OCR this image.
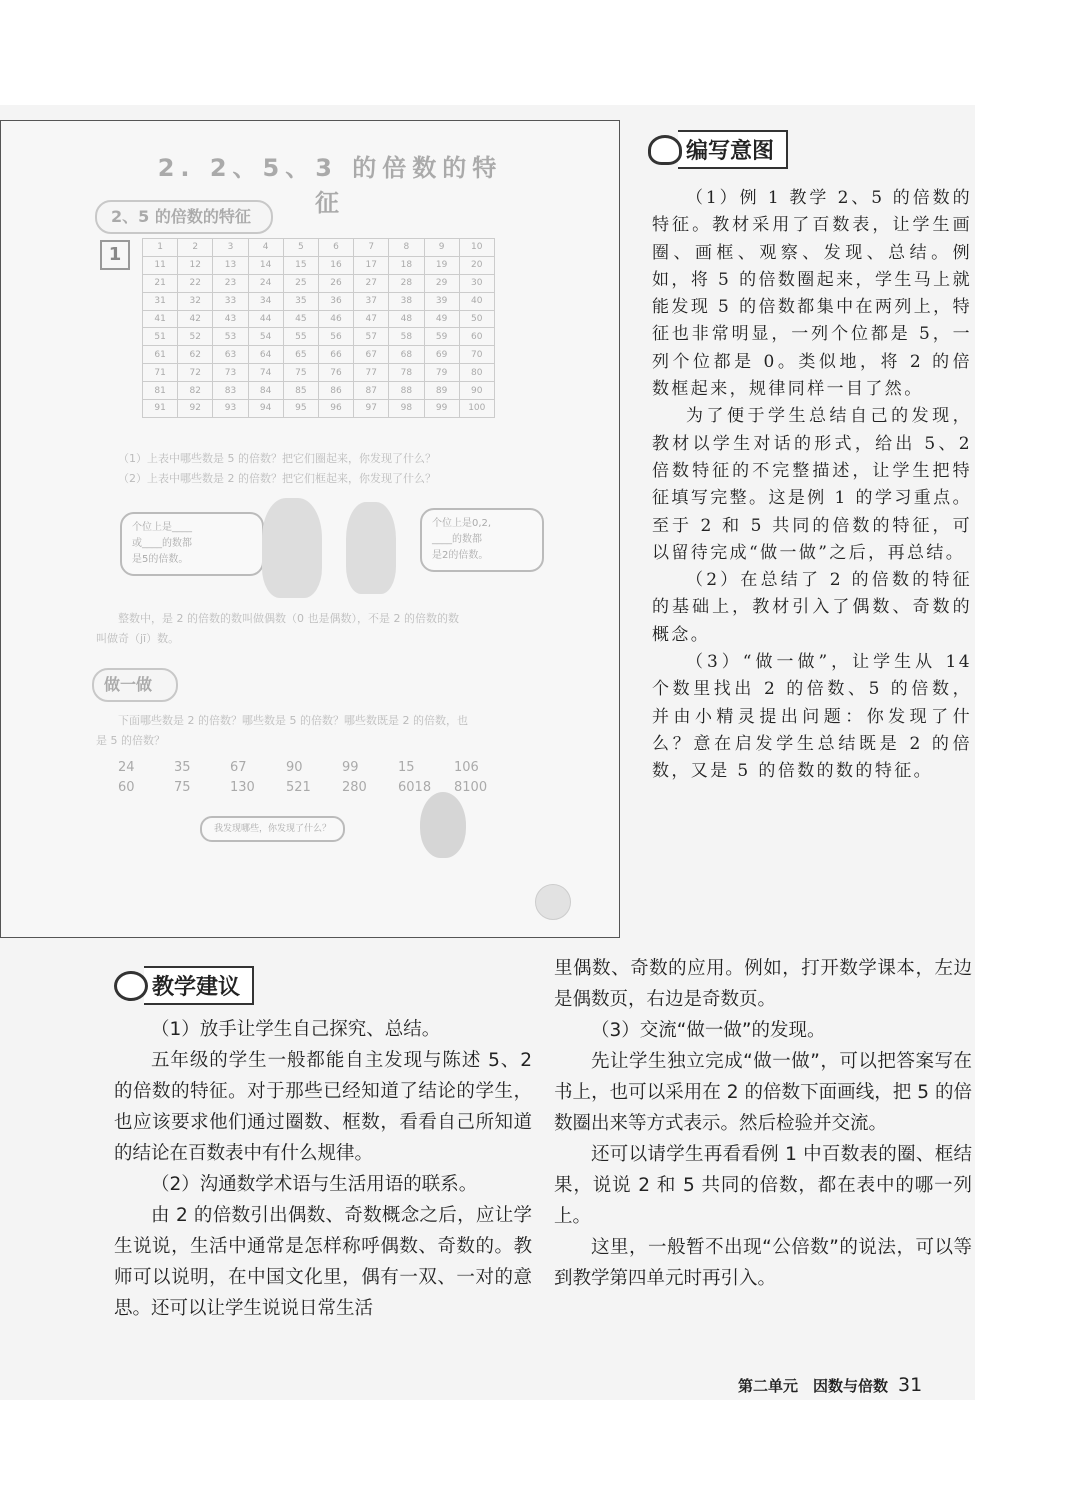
2. 2、5、3 的倍数的特征
2、5 的倍数的特征
1	1	2	3	4	5	6	7	8	9	10
11	12	13	14	15	16	17	18	19	20
21	22	23	24	25	26	27	28	29	30
31	32	33	34	35	36	37	38	39	40
41	42	43	44	45	46	47	48	49	50
51	52	53	54	55	56	57	58	59	60
61	62	63	64	65	66	67	68	69	70
71	72	73	74	75	76	77	78	79	80
81	82	83	84	85	86	87	88	89	90
91	92	93	94	95	96	97	98	99	100
（1）上表中哪些数是 5 的倍数？把它们圈起来，你发现了什么？
（2）上表中哪些数是 2 的倍数？把它们框起来，你发现了什么？
个位上是____
或____的数都
是5的倍数。
个位上是0,2,
____的数都
是2的倍数。
整数中，是 2 的倍数的数叫做偶数（0 也是偶数），不是 2 的倍数的数
叫做奇（jī）数。
做一做
下面哪些数是 2 的倍数？哪些数是 5 的倍数？哪些数既是 2 的倍数，也
是 5 的倍数？
24	35	67	90	99	15	106
60	75	130 521 280 6018 8100
我发现哪些，你发现了什么？
编写意图

（1）例 1 教学 2、5 的倍数的特征。教材采用了百数表，让学生画圈、画框、观察、发现、总结。例如，将 5 的倍数圈起来，学生马上就能发现 5 的倍数都集中在两列上，特征也非常明显，一列个位都是 5，一列个位都是 0。类似地，将 2 的倍数框起来，规律同样一目了然。

为了便于学生总结自己的发现，教材以学生对话的形式，给出 5、2 倍数特征的不完整描述，让学生把特征填写完整。这是例 1 的学习重点。至于 2 和 5 共同的倍数的特征，可以留待完成“做一做”之后，再总结。

（2）在总结了 2 的倍数的特征的基础上，教材引入了偶数、奇数的概念。

（3）“做一做”，让学生从 14 个数里找出 2 的倍数、5 的倍数，并由小精灵提出问题：你发现了什么？意在启发学生总结既是 2 的倍数，又是 5 的倍数的数的特征。

教学建议

（1）放手让学生自己探究、总结。

五年级的学生一般都能自主发现与陈述 5、2 的倍数的特征。对于那些已经知道了结论的学生，也应该要求他们通过圈数、框数，看看自己所知道的结论在百数表中有什么规律。

（2）沟通数学术语与生活用语的联系。

由 2 的倍数引出偶数、奇数概念之后，应让学生说说，生活中通常是怎样称呼偶数、奇数的。教师可以说明，在中国文化里，偶有一双、一对的意思。还可以让学生说说日常生活

里偶数、奇数的应用。例如，打开数学课本，左边是偶数页，右边是奇数页。

（3）交流“做一做”的发现。

先让学生独立完成“做一做”，可以把答案写在书上，也可以采用在 2 的倍数下面画线，把 5 的倍数圈出来等方式表示。然后检验并交流。

还可以请学生再看看例 1 中百数表的圈、框结果，说说 2 和 5 共同的倍数，都在表中的哪一列上。

这里，一般暂不出现“公倍数”的说法，可以等到教学第四单元时再引入。

第二单元　因数与倍数 31
